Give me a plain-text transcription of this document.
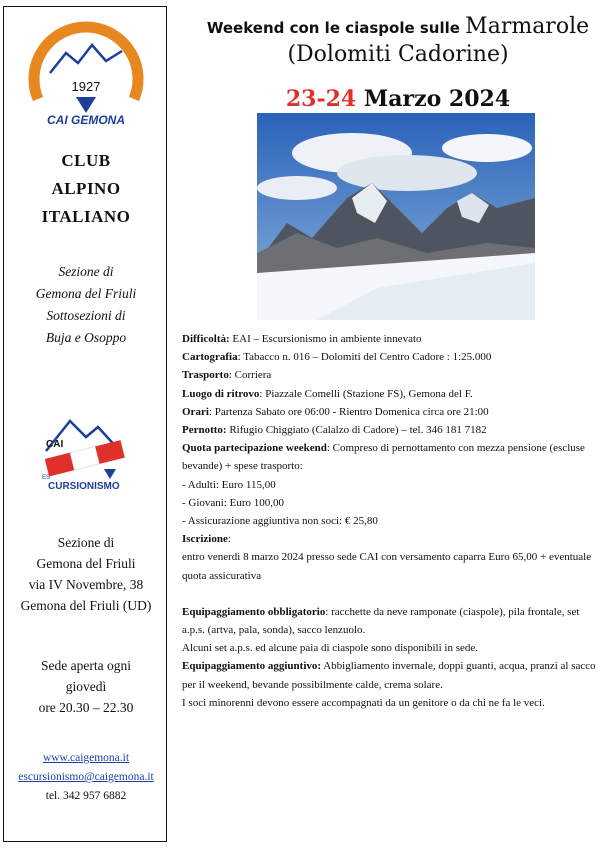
1927
CAI GEMONA
CLUB
ALPINO
ITALIANO
Sezione di
Gemona del Friuli
Sottosezioni di
Buja e Osoppo
CAI
ES
CURSIONISMO
Sezione di
Gemona del Friuli
via IV Novembre, 38
Gemona del Friuli (UD)
Sede aperta ogni
giovedì
ore 20.30 – 22.30
www.caigemona.it
escursionismo@caigemona.it
tel. 342 957 6882
Weekend con le ciaspole sulle Marmarole
(Dolomiti Cadorine)
23-24 Marzo 2024

Difficoltà: EAI – Escursionismo in ambiente innevato

Cartografia: Tabacco n. 016 – Dolomiti del Centro Cadore : 1:25.000

Trasporto: Corriera

Luogo di ritrovo: Piazzale Comelli (Stazione FS), Gemona del F.

Orari: Partenza Sabato ore 06:00 - Rientro Domenica circa ore 21:00

Pernotto: Rifugio Chiggiato (Calalzo di Cadore) – tel. 346 181 7182

Quota partecipazione weekend: Compreso di pernottamento con mezza pensione (escluse bevande) + spese trasporto:

- Adulti: Euro 115,00

- Giovani: Euro 100,00

- Assicurazione aggiuntiva non soci: € 25,80

Iscrizione:

entro venerdì 8 marzo 2024 presso sede CAI con versamento caparra Euro 65,00 + eventuale quota assicurativa

Equipaggiamento obbligatorio: racchette da neve ramponate (ciaspole), pila frontale, set a.p.s. (artva, pala, sonda), sacco lenzuolo.

Alcuni set a.p.s. ed alcune paia di ciaspole sono disponibili in sede.

Equipaggiamento aggiuntivo: Abbigliamento invernale, doppi guanti, acqua, pranzi al sacco per il weekend, bevande possibilmente calde, crema solare.

I soci minorenni devono essere accompagnati da un genitore o da chi ne fa le veci.
